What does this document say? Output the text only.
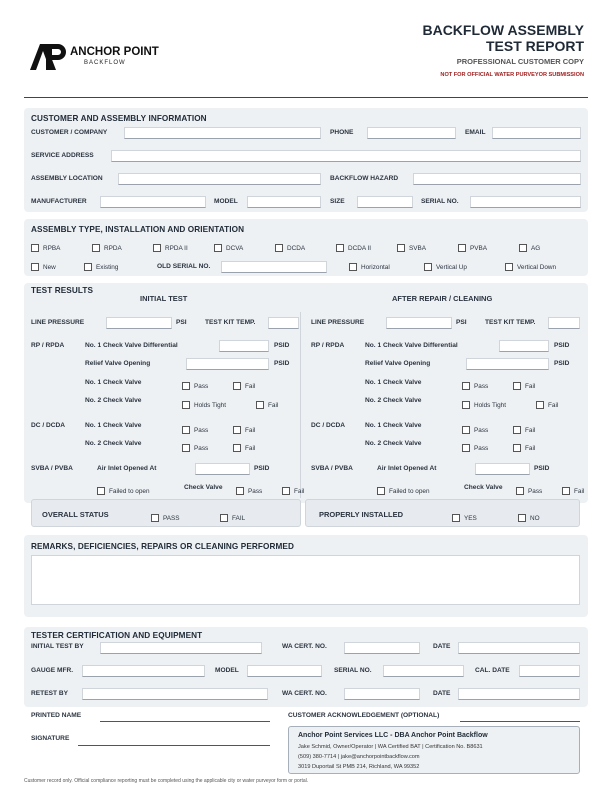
ANCHOR POINT
BACKFLOW
BACKFLOW ASSEMBLY
TEST REPORT
PROFESSIONAL CUSTOMER COPY
NOT FOR OFFICIAL WATER PURVEYOR SUBMISSION
CUSTOMER AND ASSEMBLY INFORMATION
CUSTOMER / COMPANY	PHONE	EMAIL
SERVICE ADDRESS
ASSEMBLY LOCATION	BACKFLOW HAZARD
MANUFACTURER	MODEL	SIZE	SERIAL NO.
ASSEMBLY TYPE, INSTALLATION AND ORIENTATION
RPBA	RPDA	RPDA II	DCVA	DCDA	DCDA II	SVBA	PVBA	AG
New	Existing	OLD SERIAL NO.	Horizontal	Vertical Up	Vertical Down
TEST RESULTS
INITIAL TEST	AFTER REPAIR / CLEANING
LINE PRESSURE	PSI	TEST KIT TEMP.
RP / RPDA	No. 1 Check Valve Differential	PSID
Relief Valve Opening	PSID
No. 1 Check Valve
Pass	Fail
No. 2 Check Valve
Holds Tight	Fail
DC / DCDA	No. 1 Check Valve
Pass	Fail
No. 2 Check Valve
Pass	Fail
SVBA / PVBA	Air Inlet Opened At	PSID
Failed to open
Check Valve
Pass	Fail
LINE PRESSURE	PSI	TEST KIT TEMP.
RP / RPDA	No. 1 Check Valve Differential	PSID
Relief Valve Opening	PSID
No. 1 Check Valve
Pass	Fail
No. 2 Check Valve
Holds Tight	Fail
DC / DCDA	No. 1 Check Valve
Pass	Fail
No. 2 Check Valve
Pass	Fail
SVBA / PVBA	Air Inlet Opened At	PSID
Failed to open
Check Valve
Pass	Fail
OVERALL STATUS	PASS	FAIL	PROPERLY INSTALLED	YES	NO
REMARKS, DEFICIENCIES, REPAIRS OR CLEANING PERFORMED
TESTER CERTIFICATION AND EQUIPMENT
INITIAL TEST BY	WA CERT. NO.	DATE
GAUGE MFR.	MODEL	SERIAL NO.	CAL. DATE
RETEST BY	WA CERT. NO.	DATE
PRINTED NAME
SIGNATURE
CUSTOMER ACKNOWLEDGEMENT (OPTIONAL)
Anchor Point Services LLC - DBA Anchor Point Backflow
Jake Schmid, Owner/Operator | WA Certified BAT | Certification No. B8631
(509) 380-7714 | jake@anchorpointbackflow.com
3019 Duportail St PMB 214, Richland, WA 99352
Customer record only. Official compliance reporting must be completed using the applicable city or water purveyor form or portal.
